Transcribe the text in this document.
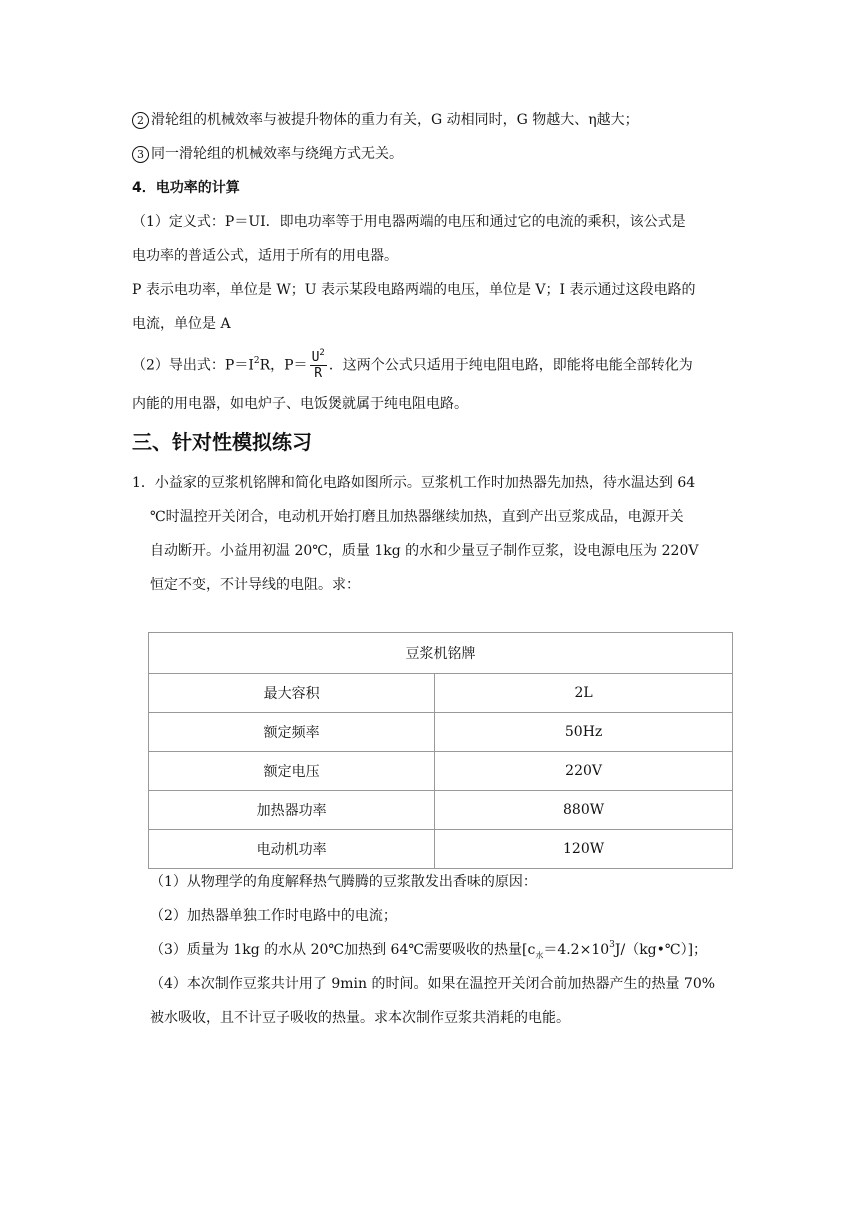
2 滑轮组的机械效率与被提升物体的重力有关，G 动相同时，G 物越大、η越大；
3 同一滑轮组的机械效率与绕绳方式无关。
4．电功率的计算
（1）定义式：P＝UI．即电功率等于用电器两端的电压和通过它的电流的乘积，该公式是
电功率的普适公式，适用于所有的用电器。
P 表示电功率，单位是 W；U 表示某段电路两端的电压，单位是 V；I 表示通过这段电路的
电流，单位是 A
（2）导出式：$P=I^2R$，$P= \frac{U^2}{R}$ ．这两个公式只适用于纯电阻电路，即能将电能全部转化为
内能的用电器，如电炉子、电饭煲就属于纯电阻电路。
三、针对性模拟练习
1．小益家的豆浆机铭牌和简化电路如图所示。豆浆机工作时加热器先加热，待水温达到 64
℃时温控开关闭合，电动机开始打磨且加热器继续加热，直到产出豆浆成品，电源开关
自动断开。小益用初温 20℃，质量 1kg 的水和少量豆子制作豆浆，设电源电压为 220V
恒定不变，不计导线的电阻。求：
豆浆机铭牌	
最大容积	2L
额定频率	50Hz
额定电压	220V
加热器功率	880W
电动机功率	120W
（1）从物理学的角度解释热气腾腾的豆浆散发出香味的原因：
（2）加热器单独工作时电路中的电流；
（3）质量为 1kg 的水从 20℃加热到 64℃需要吸收的热量$[c_水=4.2\times 10^3J/(kg•℃)]$；
（4）本次制作豆浆共计用了 9min 的时间。如果在温控开关闭合前加热器产生的热量 70%
被水吸收，且不计豆子吸收的热量。求本次制作豆浆共消耗的电能。
